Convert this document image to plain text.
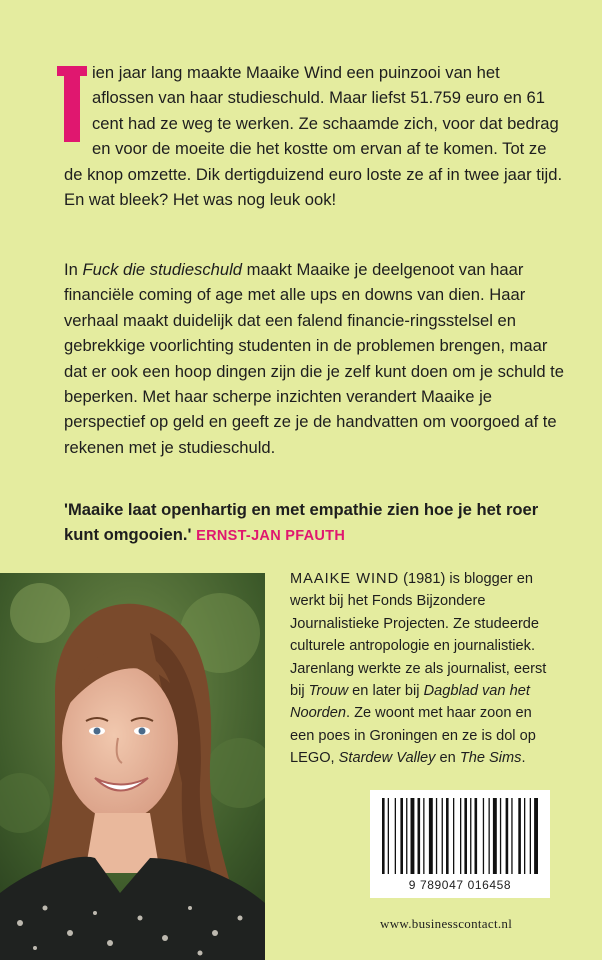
ien jaar lang maakte Maaike Wind een puinzooi van het aflossen van haar studieschuld. Maar liefst 51.759 euro en 61 cent had ze weg te werken. Ze schaamde zich, voor dat bedrag en voor de moeite die het kostte om ervan af te komen. Tot ze de knop omzette. Dik dertigduizend euro loste ze af in twee jaar tijd. En wat bleek? Het was nog leuk ook!

In Fuck die studieschuld maakt Maaike je deelgenoot van haar financiële coming of age met alle ups en downs van dien. Haar verhaal maakt duidelijk dat een falend financie-ringsstelsel en gebrekkige voorlichting studenten in de problemen brengen, maar dat er ook een hoop dingen zijn die je zelf kunt doen om je schuld te beperken. Met haar scherpe inzichten verandert Maaike je perspectief op geld en geeft ze je de handvatten om voorgoed af te rekenen met je studieschuld.

'Maaike laat openhartig en met empathie zien hoe je het roer kunt omgooien.' ERNST-JAN PFAUTH

MAAIKE WIND (1981) is blogger en werkt bij het Fonds Bijzondere Journalistieke Projecten. Ze studeerde culturele antropologie en journalistiek. Jarenlang werkte ze als journalist, eerst bij Trouw en later bij Dagblad van het Noorden. Ze woont met haar zoon en een poes in Groningen en ze is dol op LEGO, Stardew Valley en The Sims.

9 789047 016458
www.businesscontact.nl
